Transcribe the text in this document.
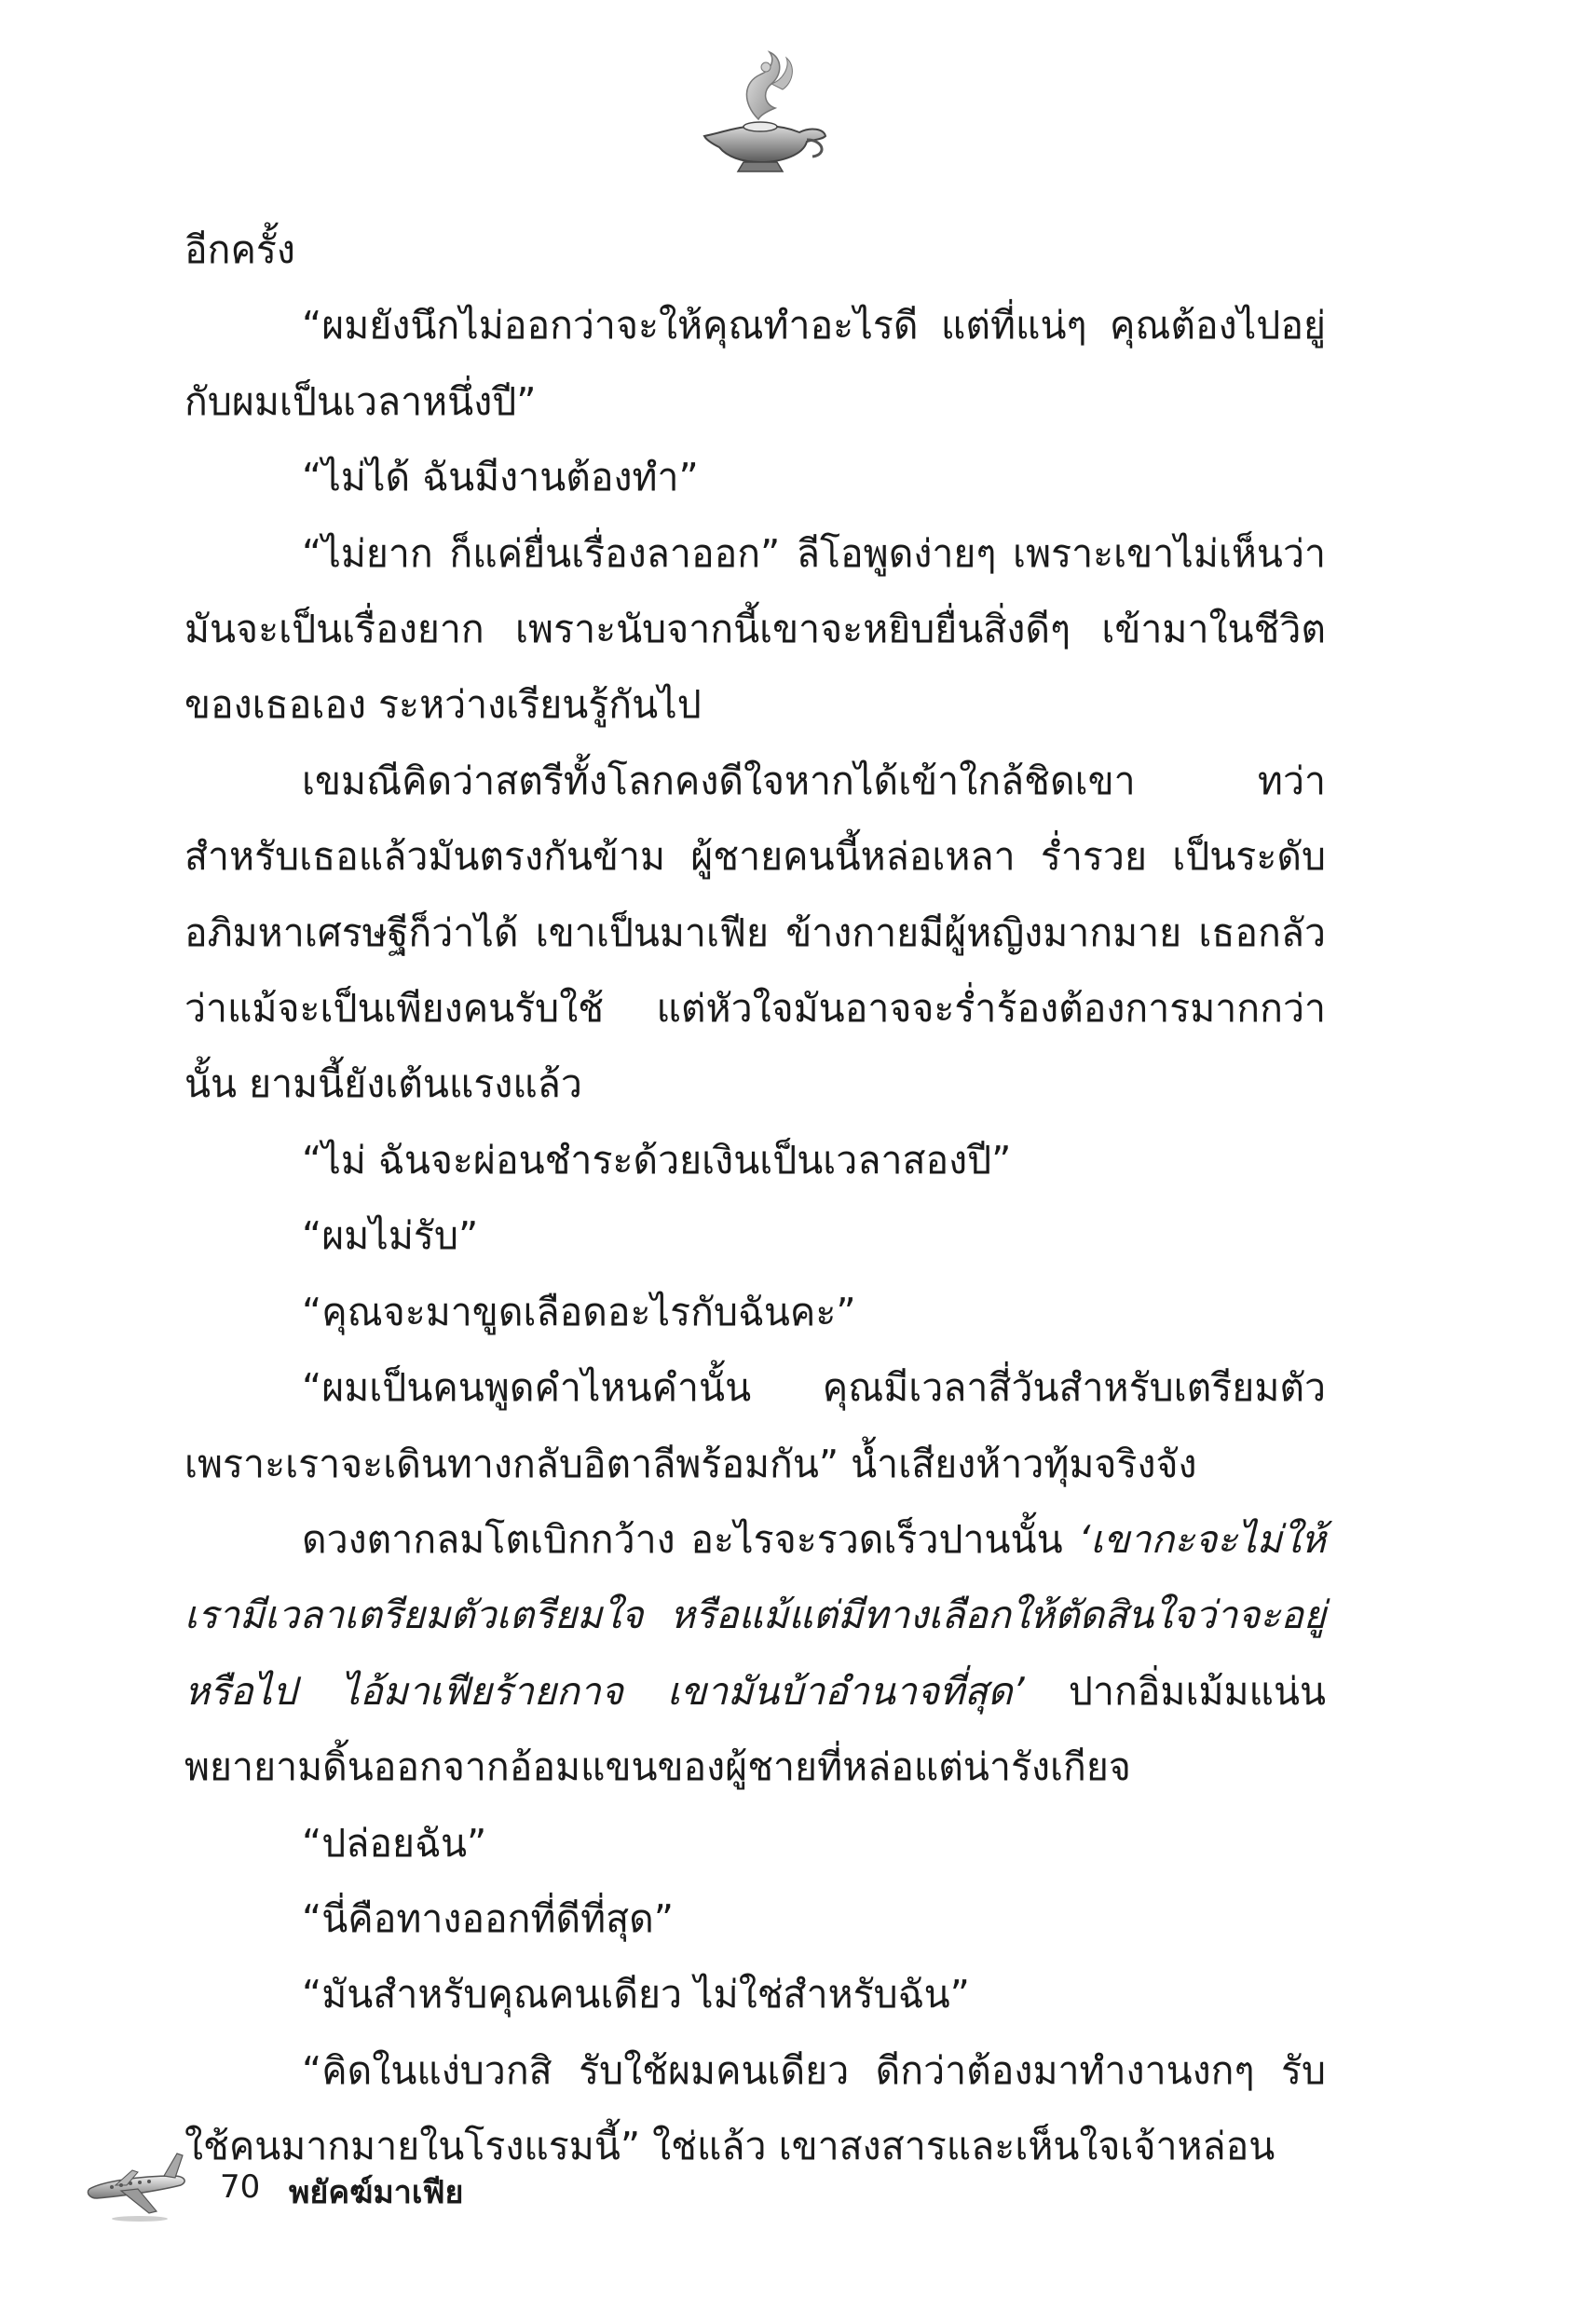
อีกครั้ง

“ผมยังนึกไม่ออกว่าจะให้คุณทำอะไรดี แต่ที่แน่ๆ คุณต้องไปอยู่กับผมเป็นเวลาหนึ่งปี”

“ไม่ได้ ฉันมีงานต้องทำ”

“ไม่ยาก ก็แค่ยื่นเรื่องลาออก” ลีโอพูดง่ายๆ เพราะเขาไม่เห็นว่ามันจะเป็นเรื่องยาก เพราะนับจากนี้เขาจะหยิบยื่นสิ่งดีๆ เข้ามาในชีวิตของเธอเอง ระหว่างเรียนรู้กันไป

เขมณีคิดว่าสตรีทั้งโลกคงดีใจหากได้เข้าใกล้ชิดเขา ทว่าสำหรับเธอแล้วมันตรงกันข้าม ผู้ชายคนนี้หล่อเหลา ร่ำรวย เป็นระดับอภิมหาเศรษฐีก็ว่าได้ เขาเป็นมาเฟีย ข้างกายมีผู้หญิงมากมาย เธอกลัวว่าแม้จะเป็นเพียงคนรับใช้ แต่หัวใจมันอาจจะร่ำร้องต้องการมากกว่านั้น ยามนี้ยังเต้นแรงแล้ว

“ไม่ ฉันจะผ่อนชำระด้วยเงินเป็นเวลาสองปี”

“ผมไม่รับ”

“คุณจะมาขูดเลือดอะไรกับฉันคะ”

“ผมเป็นคนพูดคำไหนคำนั้น คุณมีเวลาสี่วันสำหรับเตรียมตัว เพราะเราจะเดินทางกลับอิตาลีพร้อมกัน” น้ำเสียงห้าวทุ้มจริงจัง

ดวงตากลมโตเบิกกว้าง อะไรจะรวดเร็วปานนั้น ‘เขากะจะไม่ให้เรามีเวลาเตรียมตัวเตรียมใจ หรือแม้แต่มีทางเลือกให้ตัดสินใจว่าจะอยู่หรือไป ไอ้มาเฟียร้ายกาจ เขามันบ้าอำนาจที่สุด’ ปากอิ่มเม้มแน่นพยายามดิ้นออกจากอ้อมแขนของผู้ชายที่หล่อแต่น่ารังเกียจ

“ปล่อยฉัน”

“นี่คือทางออกที่ดีที่สุด”

“มันสำหรับคุณคนเดียว ไม่ใช่สำหรับฉัน”

“คิดในแง่บวกสิ รับใช้ผมคนเดียว ดีกว่าต้องมาทำงานงกๆ รับใช้คนมากมายในโรงแรมนี้” ใช่แล้ว เขาสงสารและเห็นใจเจ้าหล่อน

70 พยัคฆ์มาเฟีย
